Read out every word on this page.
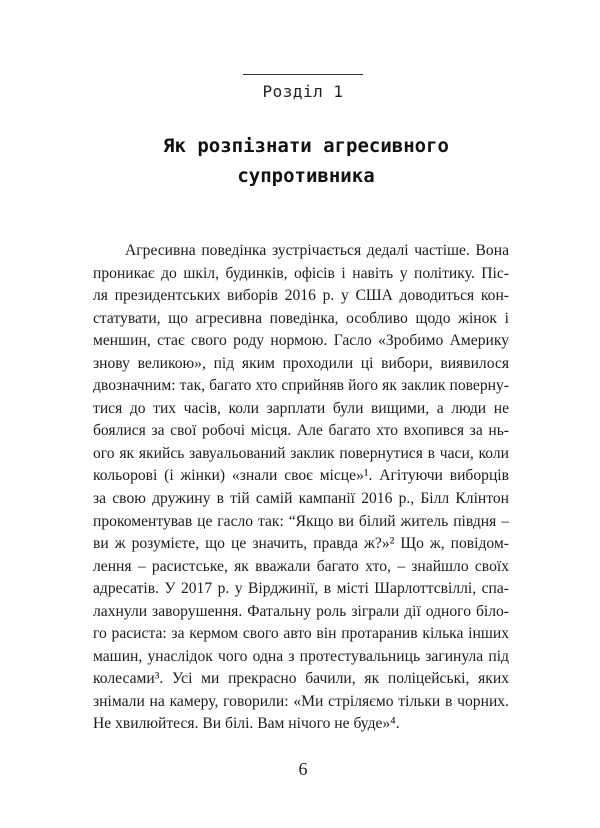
Розділ 1
Як розпізнати агресивного
супротивника
Агресивна поведінка зустрічається дедалі частіше. Вона
проникає до шкіл, будинків, офісів і навіть у політику. Піс-
ля президентських виборів 2016 р. у США доводиться кон-
статувати, що агресивна поведінка, особливо щодо жінок і
меншин, стає свого роду нормою. Гасло «Зробимо Америку
знову великою», під яким проходили ці вибори, виявилося
двозначним: так, багато хто сприйняв його як заклик поверну-
тися до тих часів, коли зарплати були вищими, а люди не
боялися за свої робочі місця. Але багато хто вхопився за нь-
ого як якийсь завуальований заклик повернутися в часи, коли
кольорові (і жінки) «знали своє місце»¹. Агітуючи виборців
за свою дружину в тій самій кампанії 2016 р., Білл Клінтон
прокоментував це гасло так: “Якщо ви білий житель півдня –
ви ж розумієте, що це значить, правда ж?»² Що ж, повідом-
лення – расистське, як вважали багато хто, – знайшло своїх
адресатів. У 2017 р. у Вірджинії, в місті Шарлоттсвіллі, спа-
лахнули заворушення. Фатальну роль зіграли дії одного біло-
го расиста: за кермом свого авто він протаранив кілька інших
машин, унаслідок чого одна з протестувальниць загинула під
колесами³. Усі ми прекрасно бачили, як поліцейські, яких
знімали на камеру, говорили: «Ми стріляємо тільки в чорних.
Не хвилюйтеся. Ви білі. Вам нічого не буде»⁴.
6
